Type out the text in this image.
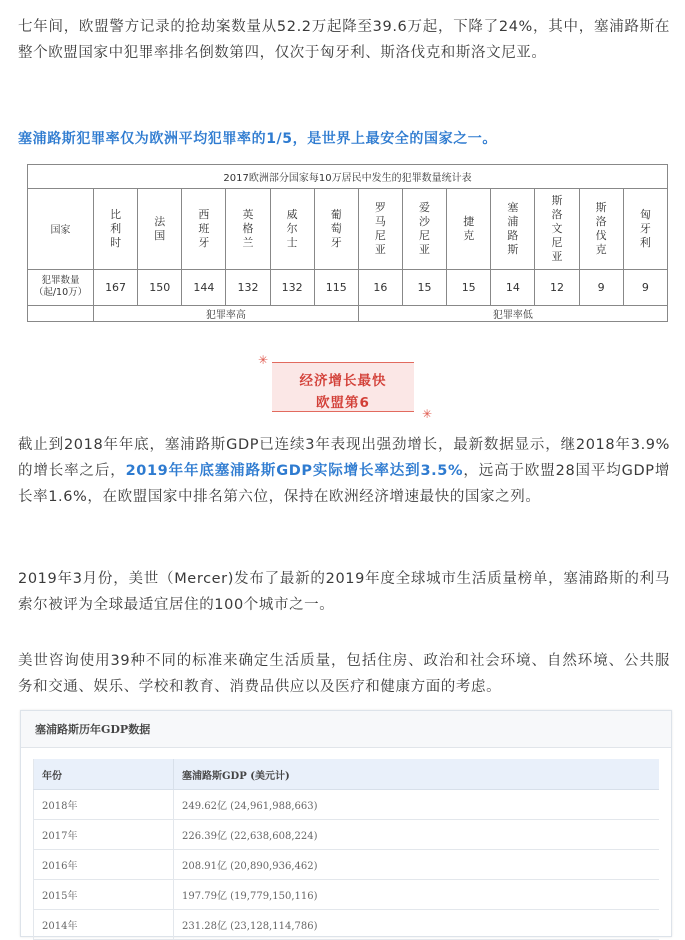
七年间，欧盟警方记录的抢劫案数量从52.2万起降至39.6万起，下降了24%，其中，塞浦路斯在整个欧盟国家中犯罪率排名倒数第四，仅次于匈牙利、斯洛伐克和斯洛文尼亚。

塞浦路斯犯罪率仅为欧洲平均犯罪率的1/5，是世界上最安全的国家之一。

2017欧洲部分国家每10万居民中发生的犯罪数量统计表													
国家	比利时	法国	西班牙	英格兰	威尔士	葡萄牙	罗马尼亚	爱沙尼亚	捷克	塞浦路斯	斯洛文尼亚	斯洛伐克	匈牙利
犯罪数量（起/10万）	167	150	144	132	132	115	16	15	15	14	12	9	9
	犯罪率高						犯罪率低						
✳
经济增长最快
欧盟第6
✳

截止到2018年年底，塞浦路斯GDP已连续3年表现出强劲增长，最新数据显示，继2018年3.9%的增长率之后，2019年年底塞浦路斯GDP实际增长率达到3.5%，远高于欧盟28国平均GDP增长率1.6%，在欧盟国家中排名第六位，保持在欧洲经济增速最快的国家之列。

2019年3月份，美世（Mercer)发布了最新的2019年度全球城市生活质量榜单，塞浦路斯的利马索尔被评为全球最适宜居住的100个城市之一。

美世咨询使用39种不同的标准来确定生活质量，包括住房、政治和社会环境、自然环境、公共服务和交通、娱乐、学校和教育、消费品供应以及医疗和健康方面的考虑。

塞浦路斯历年GDP数据
年份	塞浦路斯GDP (美元计)
2018年	249.62亿 (24,961,988,663)
2017年	226.39亿 (22,638,608,224)
2016年	208.91亿 (20,890,936,462)
2015年	197.79亿 (19,779,150,116)
2014年	231.28亿 (23,128,114,786)
